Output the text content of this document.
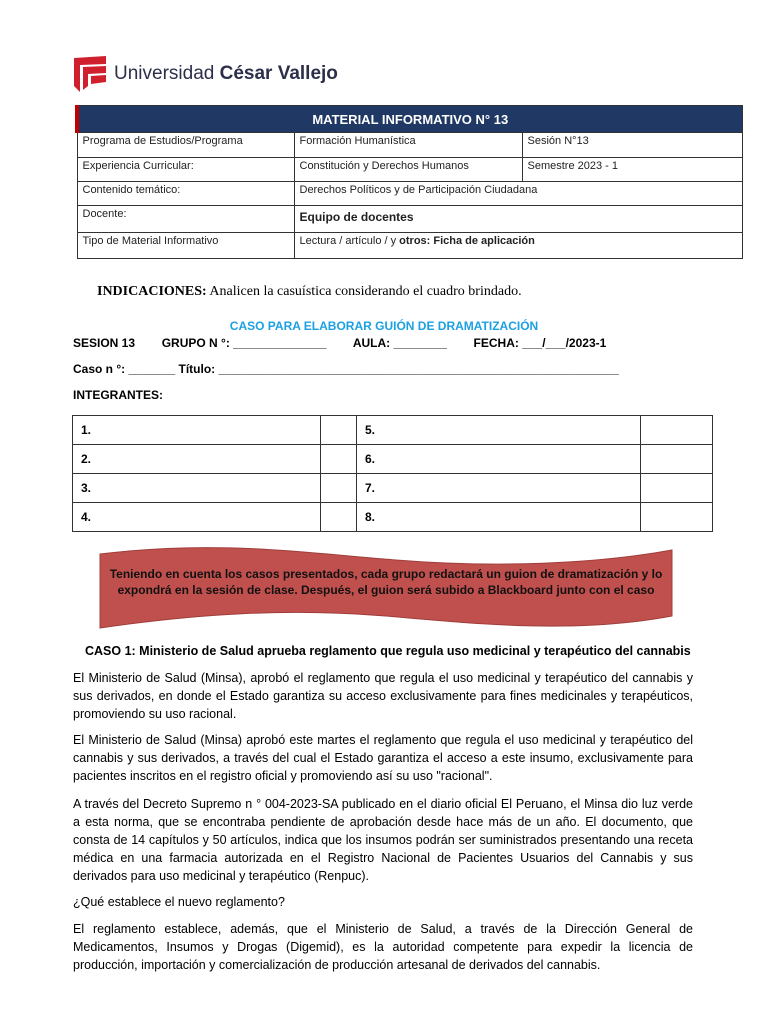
Universidad César Vallejo
MATERIAL INFORMATIVO N° 13		
Programa de Estudios/Programa	Formación Humanística	Sesión N°13
Experiencia Curricular:	Constitución y Derechos Humanos	Semestre 2023 - 1
Contenido temático:	Derechos Políticos y de Participación Ciudadana	
Docente:	Equipo de docentes	
Tipo de Material Informativo	Lectura / artículo / y otros: Ficha de aplicación	
INDICACIONES: Analicen la casuística considerando el cuadro brindado.
CASO PARA ELABORAR GUIÓN DE DRAMATIZACIÓN
SESION 13        GRUPO N °: ______________        AULA: ________        FECHA: ___/___/2023-1
Caso n °: _______ Título: ____________________________________________________________
INTEGRANTES:
1.		5.	
2.		6.	
3.		7.	
4.		8.	
Teniendo en cuenta los casos presentados, cada grupo redactará un guion de dramatización y lo
expondrá en la sesión de clase. Después, el guion será subido a Blackboard junto con el caso
CASO 1: Ministerio de Salud aprueba reglamento que regula uso medicinal y terapéutico del cannabis
El Ministerio de Salud (Minsa), aprobó el reglamento que regula el uso medicinal y terapéutico del cannabis y sus derivados, en donde el Estado garantiza su acceso exclusivamente para fines medicinales y terapéuticos, promoviendo su uso racional.
El Ministerio de Salud (Minsa) aprobó este martes el reglamento que regula el uso medicinal y terapéutico del cannabis y sus derivados, a través del cual el Estado garantiza el acceso a este insumo, exclusivamente para pacientes inscritos en el registro oficial y promoviendo así su uso "racional".
A través del Decreto Supremo n ° 004-2023-SA publicado en el diario oficial El Peruano, el Minsa dio luz verde a esta norma, que se encontraba pendiente de aprobación desde hace más de un año. El documento, que consta de 14 capítulos y 50 artículos, indica que los insumos podrán ser suministrados presentando una receta médica en una farmacia autorizada en el Registro Nacional de Pacientes Usuarios del Cannabis y sus derivados para uso medicinal y terapéutico (Renpuc).
¿Qué establece el nuevo reglamento?
El reglamento establece, además, que el Ministerio de Salud, a través de la Dirección General de Medicamentos, Insumos y Drogas (Digemid), es la autoridad competente para expedir la licencia de producción, importación y comercialización de producción artesanal de derivados del cannabis.
